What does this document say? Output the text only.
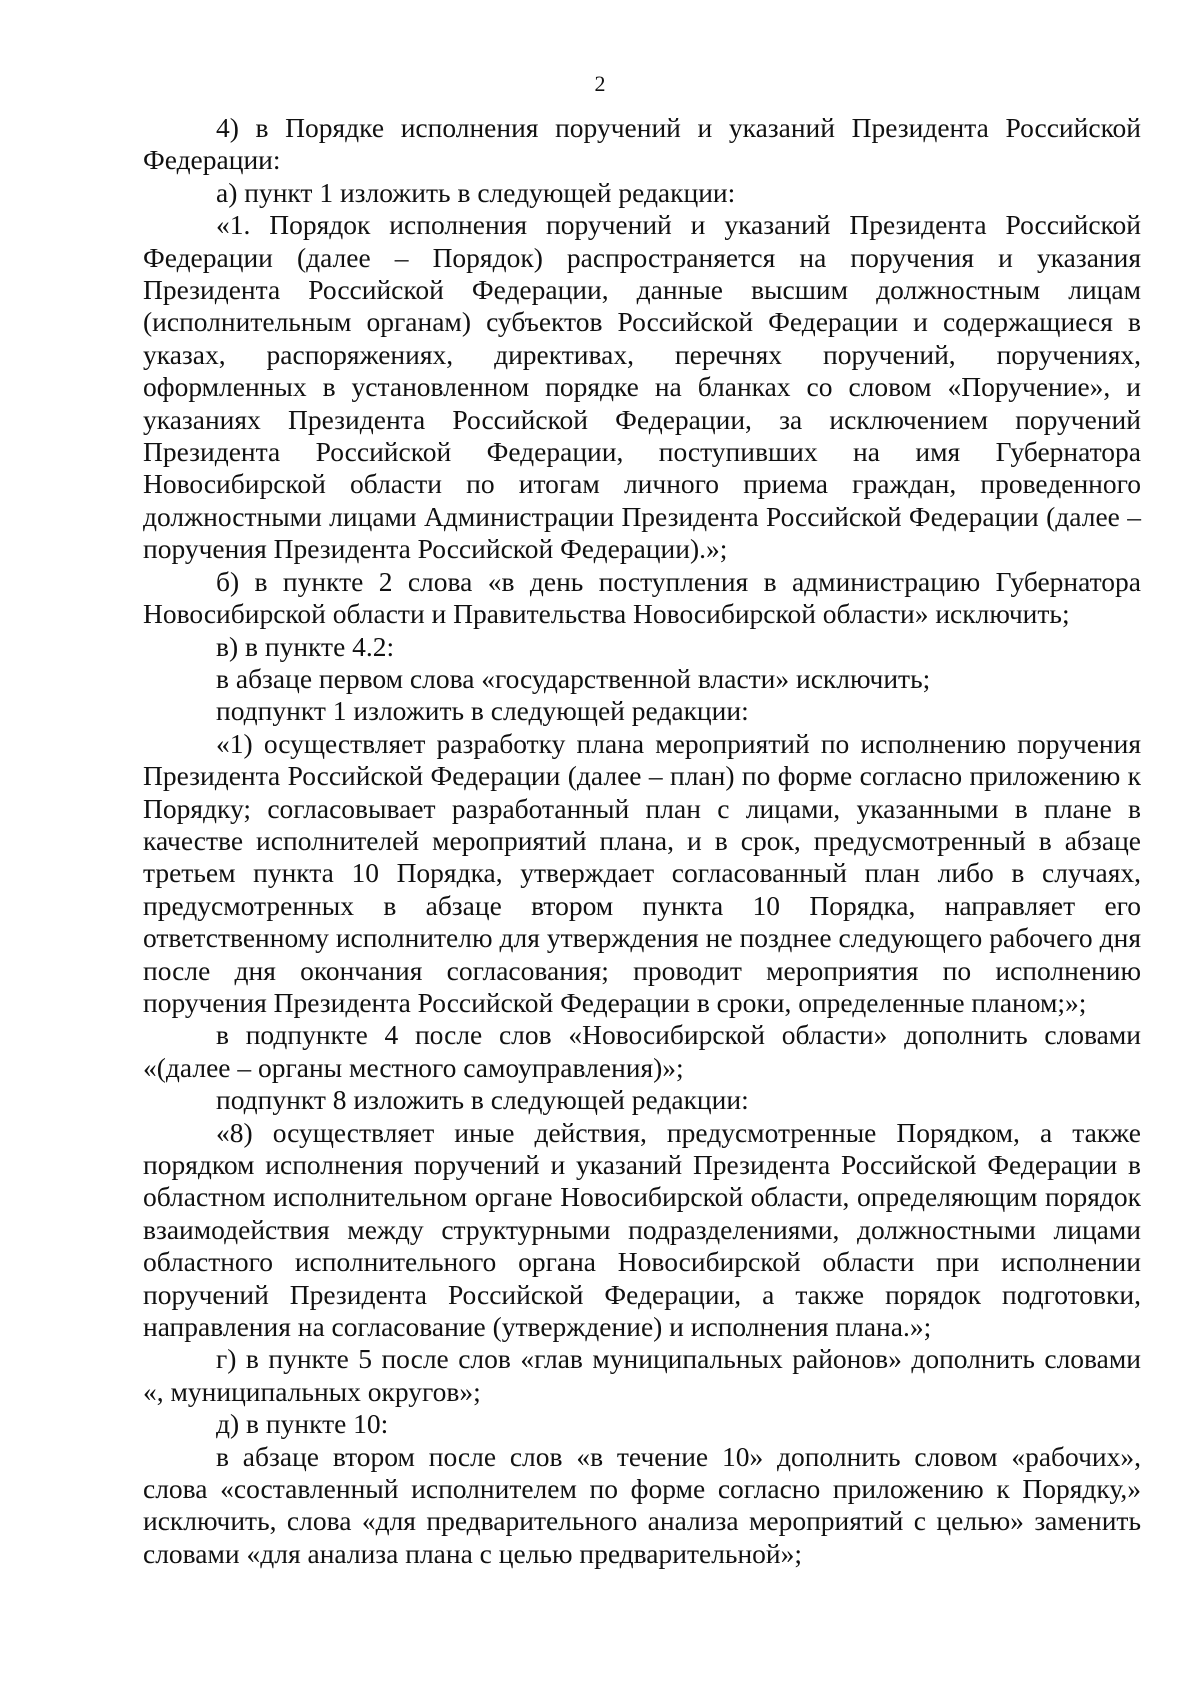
2

4) в Порядке исполнения поручений и указаний Президента Российской Федерации:

а) пункт 1 изложить в следующей редакции:

«1. Порядок исполнения поручений и указаний Президента Российской Федерации (далее – Порядок) распространяется на поручения и указания Президента Российской Федерации, данные высшим должностным лицам (исполнительным органам) субъектов Российской Федерации и содержащиеся в указах, распоряжениях, директивах, перечнях поручений, поручениях, оформленных в установленном порядке на бланках со словом «Поручение», и указаниях Президента Российской Федерации, за исключением поручений Президента Российской Федерации, поступивших на имя Губернатора Новосибирской области по итогам личного приема граждан, проведенного должностными лицами Администрации Президента Российской Федерации (далее – поручения Президента Российской Федерации).»;

б) в пункте 2 слова «в день поступления в администрацию Губернатора Новосибирской области и Правительства Новосибирской области» исключить;

в) в пункте 4.2:

в абзаце первом слова «государственной власти» исключить;

подпункт 1 изложить в следующей редакции:

«1) осуществляет разработку плана мероприятий по исполнению поручения Президента Российской Федерации (далее – план) по форме согласно приложению к Порядку; согласовывает разработанный план с лицами, указанными в плане в качестве исполнителей мероприятий плана, и в срок, предусмотренный в абзаце третьем пункта 10 Порядка, утверждает согласованный план либо в случаях, предусмотренных в абзаце втором пункта 10 Порядка, направляет его ответственному исполнителю для утверждения не позднее следующего рабочего дня после дня окончания согласования; проводит мероприятия по исполнению поручения Президента Российской Федерации в сроки, определенные планом;»;

в подпункте 4 после слов «Новосибирской области» дополнить словами «(далее – органы местного самоуправления)»;

подпункт 8 изложить в следующей редакции:

«8) осуществляет иные действия, предусмотренные Порядком, а также порядком исполнения поручений и указаний Президента Российской Федерации в областном исполнительном органе Новосибирской области, определяющим порядок взаимодействия между структурными подразделениями, должностными лицами областного исполнительного органа Новосибирской области при исполнении поручений Президента Российской Федерации, а также порядок подготовки, направления на согласование (утверждение) и исполнения плана.»;

г) в пункте 5 после слов «глав муниципальных районов» дополнить словами «, муниципальных округов»;

д) в пункте 10:

в абзаце втором после слов «в течение 10» дополнить словом «рабочих», слова «составленный исполнителем по форме согласно приложению к Порядку,» исключить, слова «для предварительного анализа мероприятий с целью» заменить словами «для анализа плана с целью предварительной»;
